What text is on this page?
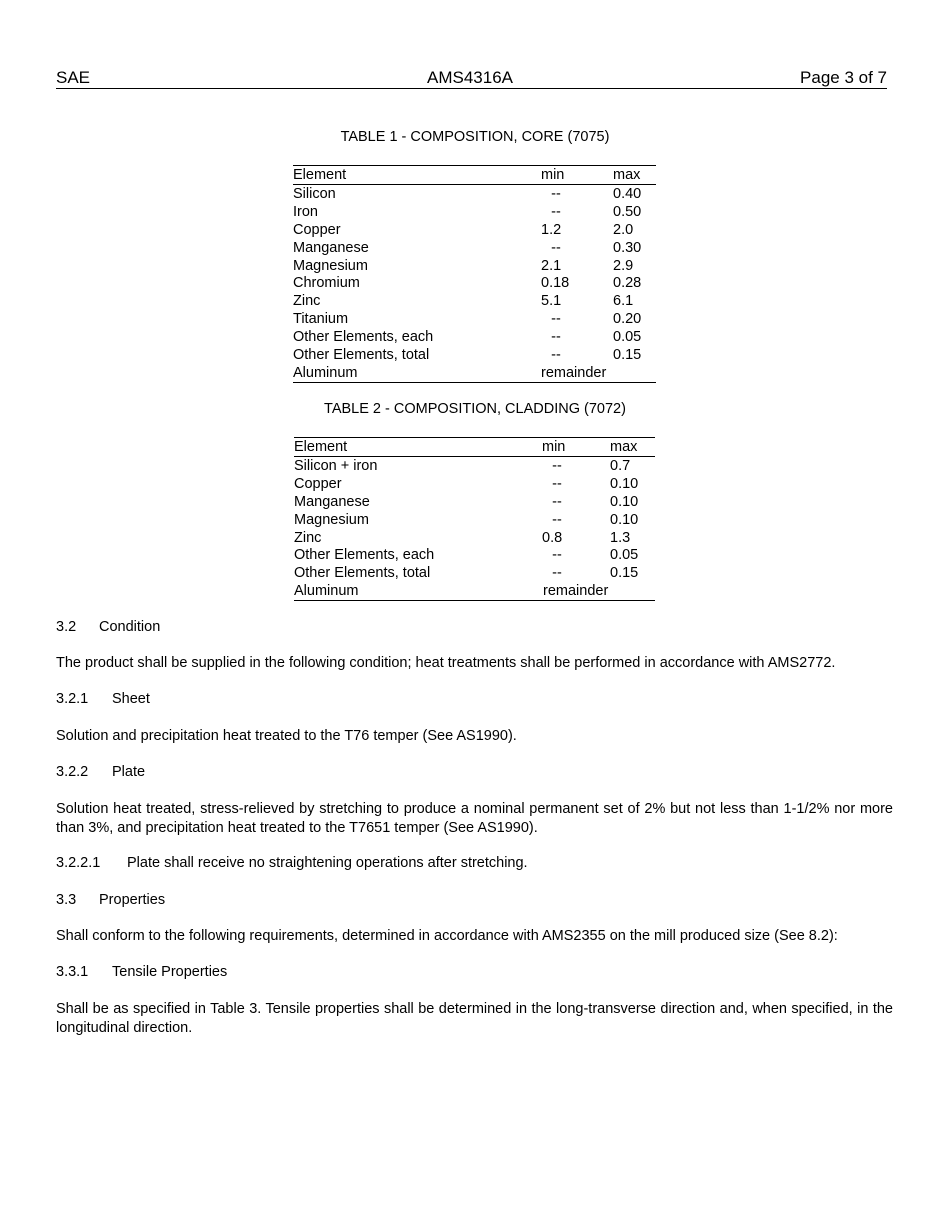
SAE	AMS4316A	Page 3 of 7
TABLE 1 - COMPOSITION, CORE (7075)
Element	min	max
Silicon	--	0.40
Iron	--	0.50
Copper	1.2	2.0
Manganese	--	0.30
Magnesium	2.1	2.9
Chromium	0.18	0.28
Zinc	5.1	6.1
Titanium	--	0.20
Other Elements, each	--	0.05
Other Elements, total	--	0.15
Aluminum	remainder
TABLE 2 - COMPOSITION, CLADDING (7072)
Element	min	max
Silicon + iron	--	0.7
Copper	--	0.10
Manganese	--	0.10
Magnesium	--	0.10
Zinc	0.8	1.3
Other Elements, each	--	0.05
Other Elements, total	--	0.15
Aluminum	remainder
3.2 Condition
The product shall be supplied in the following condition; heat treatments shall be performed in accordance with AMS2772.
3.2.1 Sheet
Solution and precipitation heat treated to the T76 temper (See AS1990).
3.2.2 Plate
Solution heat treated, stress-relieved by stretching to produce a nominal permanent set of 2% but not less than 1-1/2% nor more than 3%, and precipitation heat treated to the T7651 temper (See AS1990).
3.2.2.1 Plate shall receive no straightening operations after stretching.
3.3 Properties
Shall conform to the following requirements, determined in accordance with AMS2355 on the mill produced size (See 8.2):
3.3.1 Tensile Properties
Shall be as specified in Table 3. Tensile properties shall be determined in the long-transverse direction and, when specified, in the longitudinal direction.
